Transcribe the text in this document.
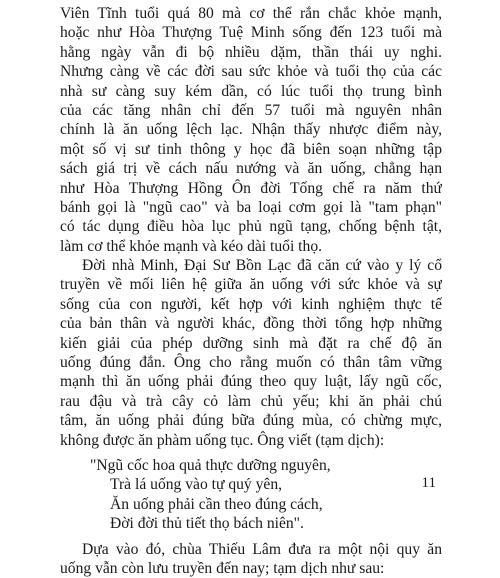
Viên Tĩnh tuổi quá 80 mà cơ thể rắn chắc khỏe mạnh,
hoặc như Hòa Thượng Tuệ Minh sống đến 123 tuổi mà
hằng ngày vẫn đi bộ nhiều dặm, thần thái uy nghi.
Nhưng càng về các đời sau sức khỏe và tuổi thọ của các
nhà sư càng suy kém dần, có lúc tuổi thọ trung bình
của các tăng nhân chỉ đến 57 tuổi mà nguyên nhân
chính là ăn uống lệch lạc. Nhận thấy nhược điểm này,
một số vị sư tinh thông y học đã biên soạn những tập
sách giá trị về cách nấu nướng và ăn uống, chẳng hạn
như Hòa Thượng Hồng Ôn đời Tống chế ra năm thứ
bánh gọi là "ngũ cao" và ba loại cơm gọi là "tam phạn"
có tác dụng điều hòa lục phủ ngũ tạng, chống bệnh tật,
làm cơ thể khỏe mạnh và kéo dài tuổi thọ.
Đời nhà Minh, Đại Sư Bồn Lạc đã căn cứ vào y lý cổ
truyền về mối liên hệ giữa ăn uống với sức khỏe và sự
sống của con người, kết hợp với kinh nghiệm thực tế
của bản thân và người khác, đồng thời tổng hợp những
kiến giải của phép dưỡng sinh mà đặt ra chế độ ăn
uống đúng đắn. Ông cho rằng muốn có thân tâm vững
mạnh thì ăn uống phải đúng theo quy luật, lấy ngũ cốc,
rau đậu và trà cây cỏ làm chủ yếu; khi ăn phải chú
tâm, ăn uống phải đúng bữa đúng mùa, có chừng mực,
không được ăn phàm uống tục. Ông viết (tạm dịch):
"Ngũ cốc hoa quả thực dưỡng nguyên,
Trà lá uống vào tự quý yên,
Ăn uống phải cần theo đúng cách,
Đời đời thủ tiết thọ bách niên".
Dựa vào đó, chùa Thiếu Lâm đưa ra một nội quy ăn
uống vẫn còn lưu truyền đến nay; tạm dịch như sau:
11
